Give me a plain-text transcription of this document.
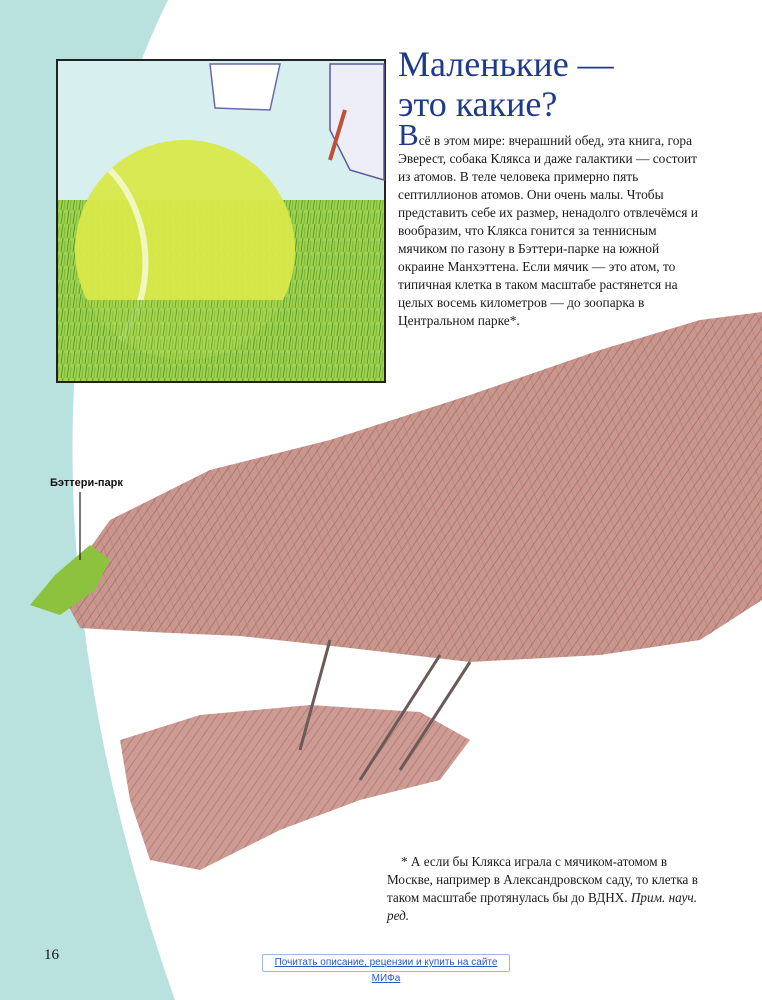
Маленькие —
это какие?

Всё в этом мире: вчерашний обед, эта книга, гора Эверест, собака Клякса и даже галактики — состоит из атомов. В теле человека примерно пять септиллионов атомов. Они очень малы. Чтобы представить себе их размер, ненадолго отвлечёмся и вообразим, что Клякса гонится за теннисным мячиком по газону в Бэттери-парке на южной окраине Манхэттена. Если мячик — это атом, то типичная клетка в таком масштабе растянется на целых восемь километров — до зоопарка в Центральном парке*.

Бэттери-парк

* А если бы Клякса играла с мячиком-атомом в Москве, например в Александровском саду, то клетка в таком масштабе протянулась бы до ВДНХ. Прим. науч. ред.

16	Почитать описание, рецензии и купить на сайте МИФа
